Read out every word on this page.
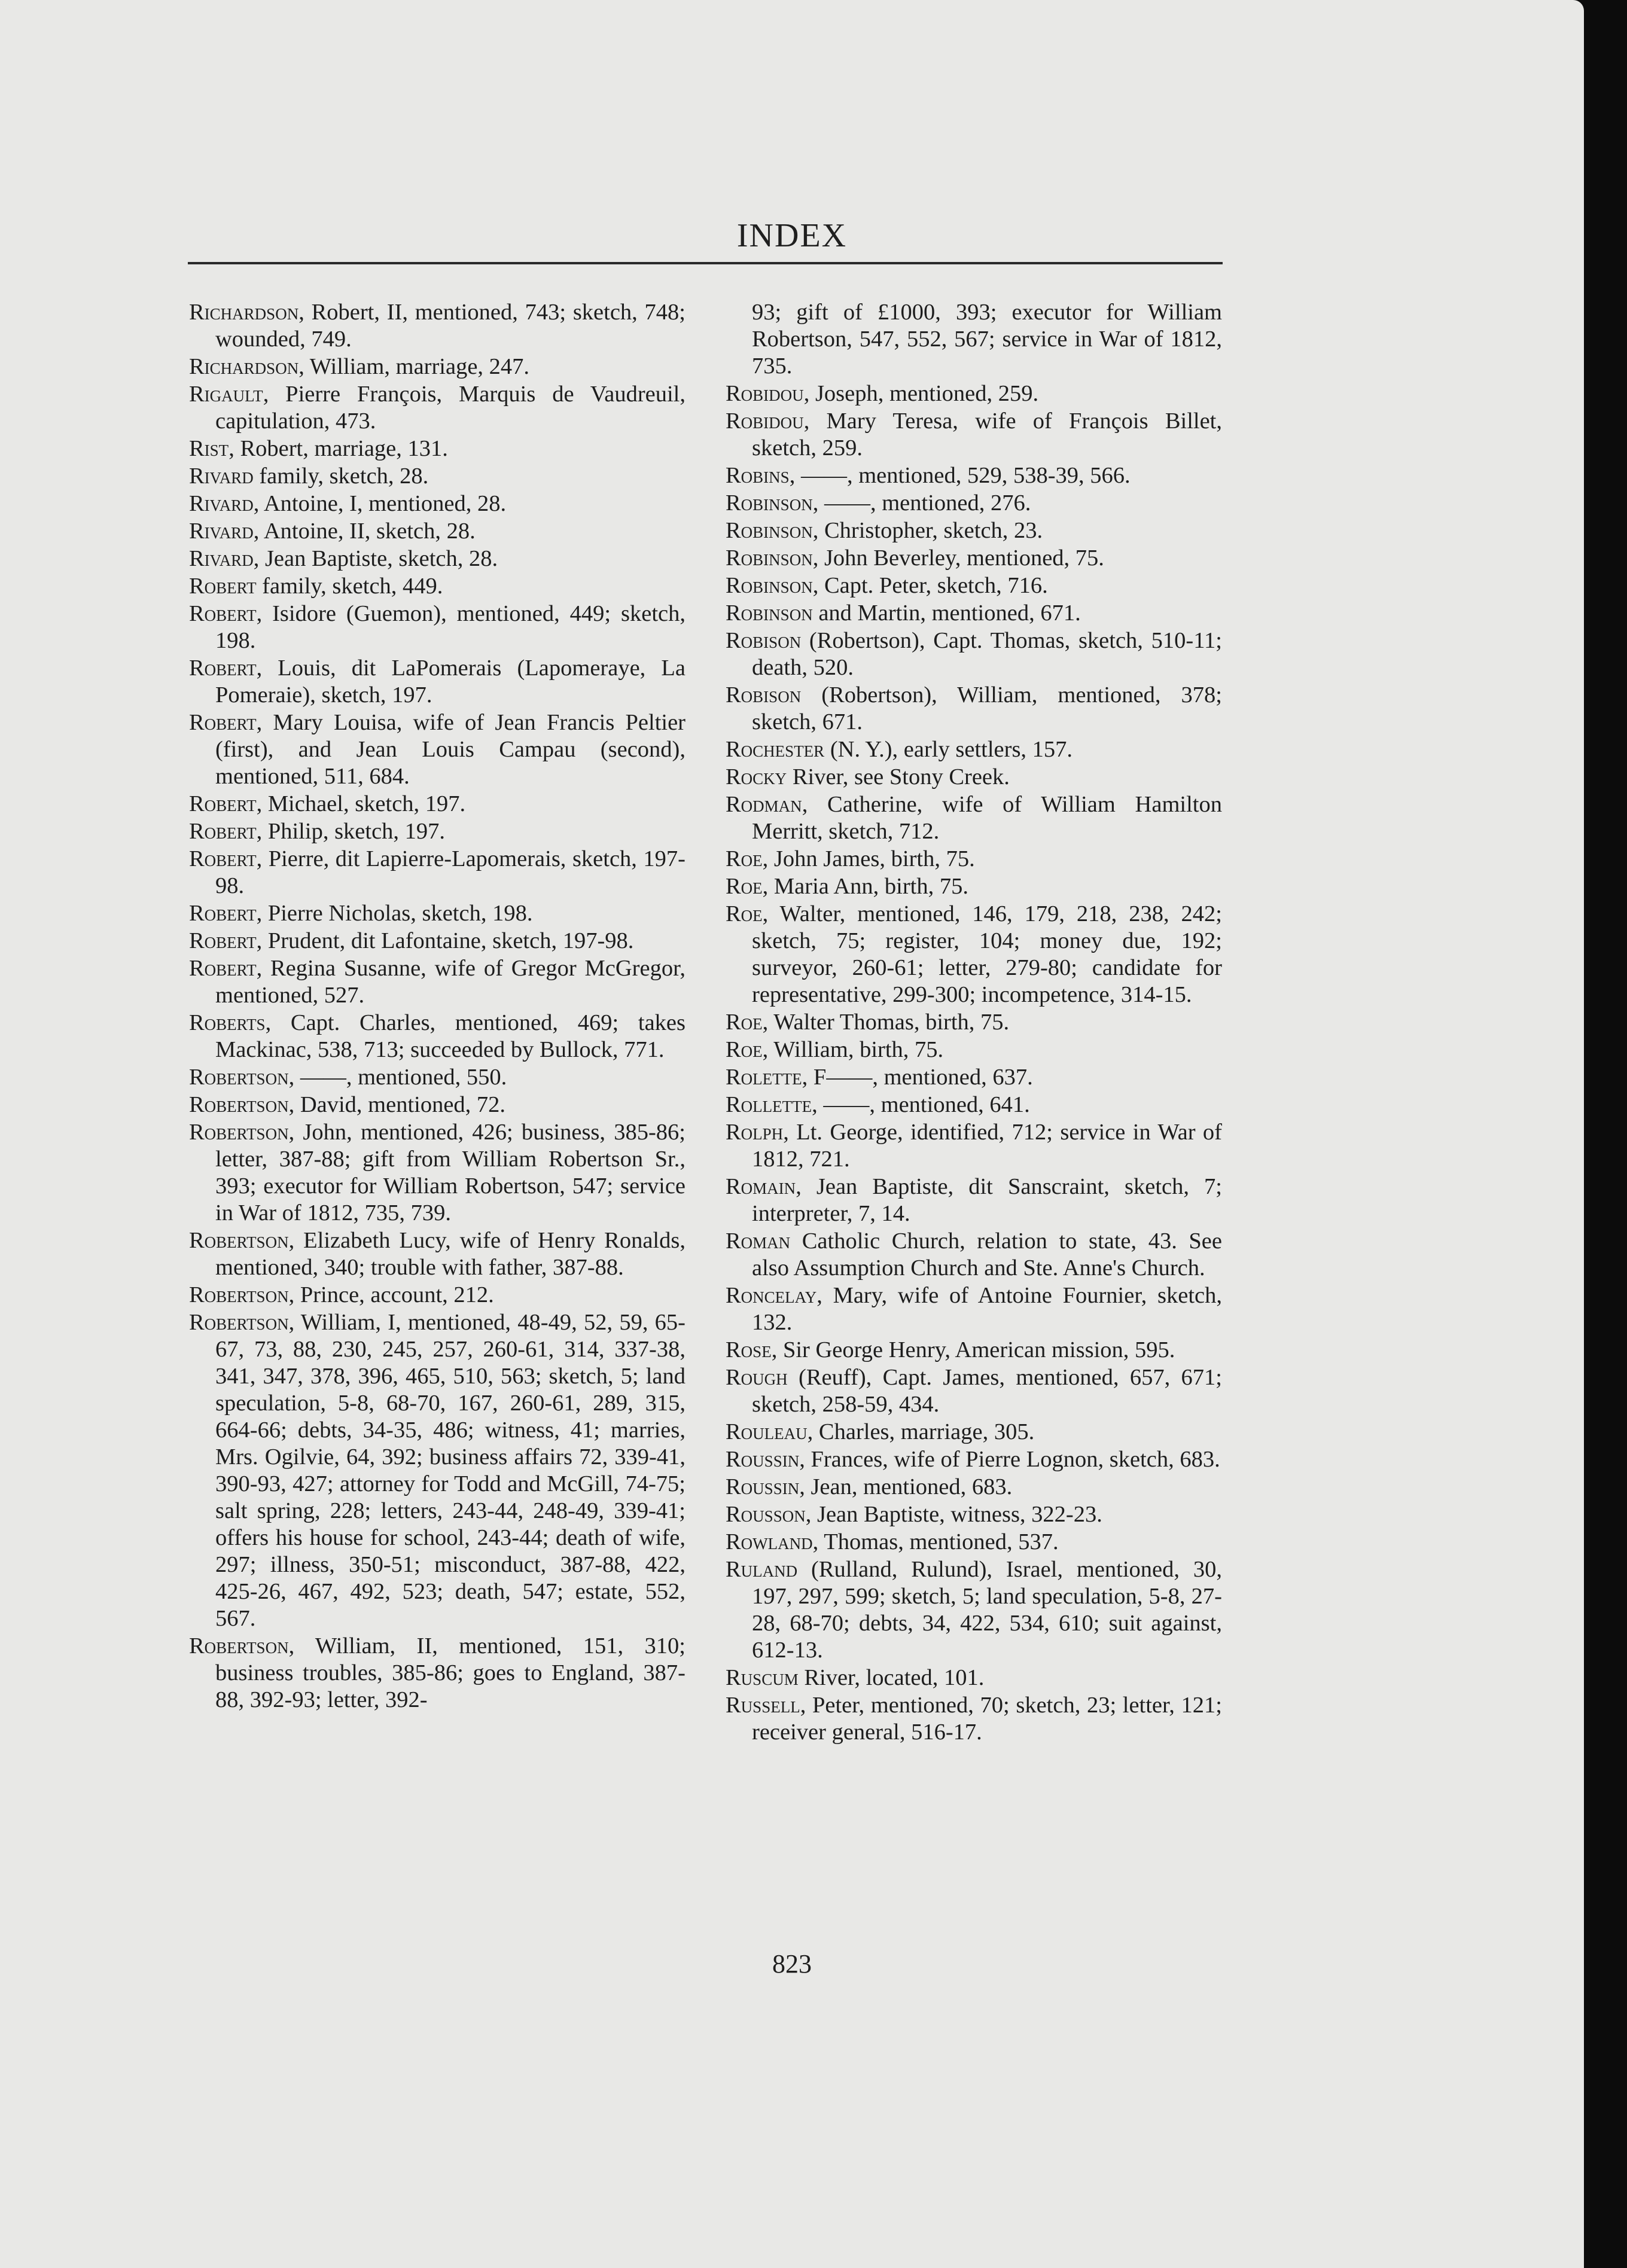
INDEX
Richardson, Robert, II, mentioned, 743; sketch, 748; wounded, 749.
Richardson, William, marriage, 247.
Rigault, Pierre François, Marquis de Vaudreuil, capitulation, 473.
Rist, Robert, marriage, 131.
Rivard family, sketch, 28.
Rivard, Antoine, I, mentioned, 28.
Rivard, Antoine, II, sketch, 28.
Rivard, Jean Baptiste, sketch, 28.
Robert family, sketch, 449.
Robert, Isidore (Guemon), mentioned, 449; sketch, 198.
Robert, Louis, dit LaPomerais (Lapomeraye, La Pomeraie), sketch, 197.
Robert, Mary Louisa, wife of Jean Francis Peltier (first), and Jean Louis Campau (second), mentioned, 511, 684.
Robert, Michael, sketch, 197.
Robert, Philip, sketch, 197.
Robert, Pierre, dit Lapierre-Lapomerais, sketch, 197-98.
Robert, Pierre Nicholas, sketch, 198.
Robert, Prudent, dit Lafontaine, sketch, 197-98.
Robert, Regina Susanne, wife of Gregor McGregor, mentioned, 527.
Roberts, Capt. Charles, mentioned, 469; takes Mackinac, 538, 713; succeeded by Bullock, 771.
Robertson, ——, mentioned, 550.
Robertson, David, mentioned, 72.
Robertson, John, mentioned, 426; business, 385-86; letter, 387-88; gift from William Robertson Sr., 393; executor for William Robertson, 547; service in War of 1812, 735, 739.
Robertson, Elizabeth Lucy, wife of Henry Ronalds, mentioned, 340; trouble with father, 387-88.
Robertson, Prince, account, 212.
Robertson, William, I, mentioned, 48-49, 52, 59, 65-67, 73, 88, 230, 245, 257, 260-61, 314, 337-38, 341, 347, 378, 396, 465, 510, 563; sketch, 5; land speculation, 5-8, 68-70, 167, 260-61, 289, 315, 664-66; debts, 34-35, 486; witness, 41; marries, Mrs. Ogilvie, 64, 392; business affairs 72, 339-41, 390-93, 427; attorney for Todd and McGill, 74-75; salt spring, 228; letters, 243-44, 248-49, 339-41; offers his house for school, 243-44; death of wife, 297; illness, 350-51; misconduct, 387-88, 422, 425-26, 467, 492, 523; death, 547; estate, 552, 567.
Robertson, William, II, mentioned, 151, 310; business troubles, 385-86; goes to England, 387-88, 392-93; letter, 392-
93; gift of £1000, 393; executor for William Robertson, 547, 552, 567; service in War of 1812, 735.
Robidou, Joseph, mentioned, 259.
Robidou, Mary Teresa, wife of François Billet, sketch, 259.
Robins, ——, mentioned, 529, 538-39, 566.
Robinson, ——, mentioned, 276.
Robinson, Christopher, sketch, 23.
Robinson, John Beverley, mentioned, 75.
Robinson, Capt. Peter, sketch, 716.
Robinson and Martin, mentioned, 671.
Robison (Robertson), Capt. Thomas, sketch, 510-11; death, 520.
Robison (Robertson), William, mentioned, 378; sketch, 671.
Rochester (N. Y.), early settlers, 157.
Rocky River, see Stony Creek.
Rodman, Catherine, wife of William Hamilton Merritt, sketch, 712.
Roe, John James, birth, 75.
Roe, Maria Ann, birth, 75.
Roe, Walter, mentioned, 146, 179, 218, 238, 242; sketch, 75; register, 104; money due, 192; surveyor, 260-61; letter, 279-80; candidate for representative, 299-300; incompetence, 314-15.
Roe, Walter Thomas, birth, 75.
Roe, William, birth, 75.
Rolette, F——, mentioned, 637.
Rollette, ——, mentioned, 641.
Rolph, Lt. George, identified, 712; service in War of 1812, 721.
Romain, Jean Baptiste, dit Sanscraint, sketch, 7; interpreter, 7, 14.
Roman Catholic Church, relation to state, 43. See also Assumption Church and Ste. Anne's Church.
Roncelay, Mary, wife of Antoine Fournier, sketch, 132.
Rose, Sir George Henry, American mission, 595.
Rough (Reuff), Capt. James, mentioned, 657, 671; sketch, 258-59, 434.
Rouleau, Charles, marriage, 305.
Roussin, Frances, wife of Pierre Lognon, sketch, 683.
Roussin, Jean, mentioned, 683.
Rousson, Jean Baptiste, witness, 322-23.
Rowland, Thomas, mentioned, 537.
Ruland (Rulland, Rulund), Israel, mentioned, 30, 197, 297, 599; sketch, 5; land speculation, 5-8, 27-28, 68-70; debts, 34, 422, 534, 610; suit against, 612-13.
Ruscum River, located, 101.
Russell, Peter, mentioned, 70; sketch, 23; letter, 121; receiver general, 516-17.
823
